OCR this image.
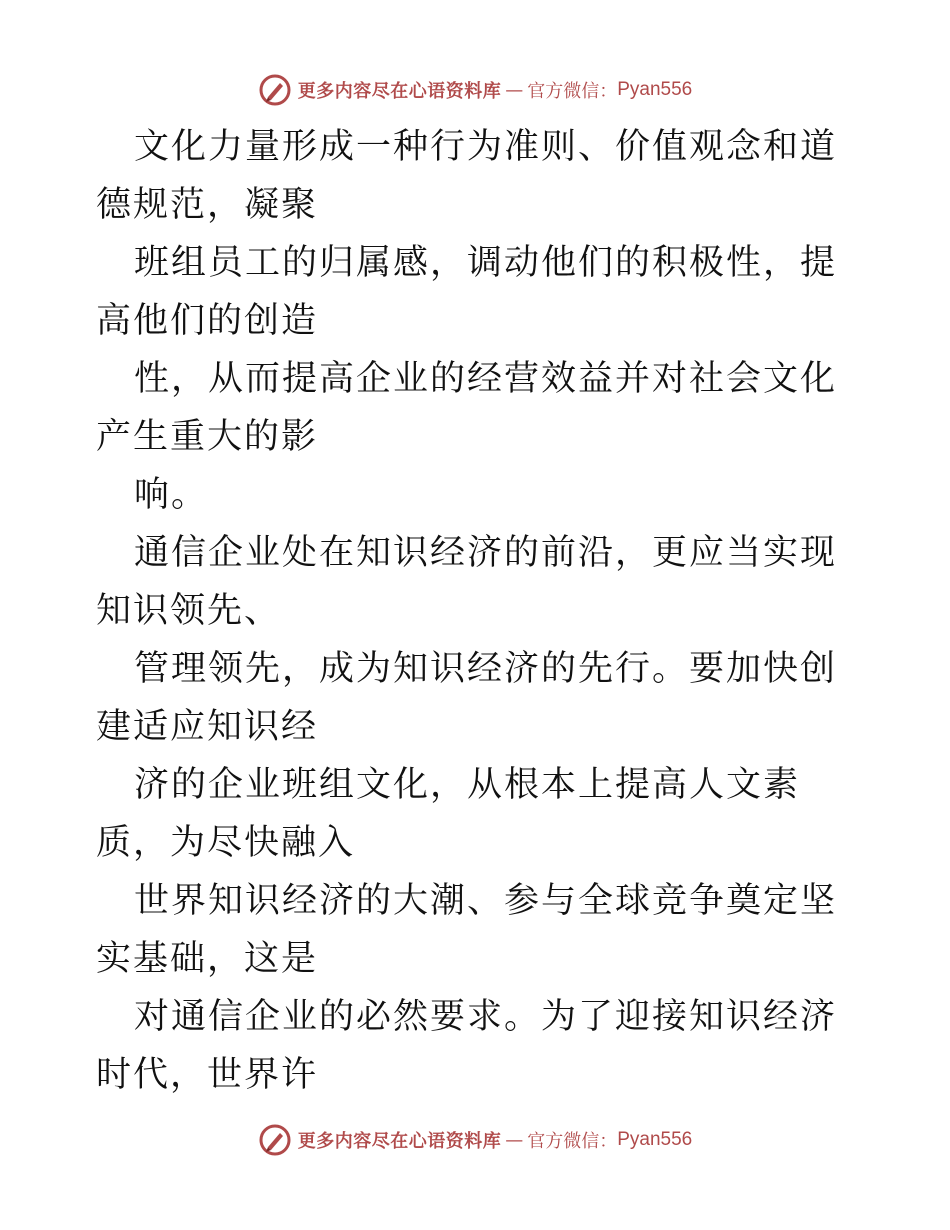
更多内容尽在心语资料库 — 官方微信： Pyan556

文化力量形成一种行为准则、价值观念和道德规范，凝聚

班组员工的归属感，调动他们的积极性，提高他们的创造

性，从而提高企业的经营效益并对社会文化产生重大的影

响。

通信企业处在知识经济的前沿，更应当实现知识领先、

管理领先，成为知识经济的先行。要加快创建适应知识经

济的企业班组文化，从根本上提高人文素质，为尽快融入

世界知识经济的大潮、参与全球竞争奠定坚实基础，这是

对通信企业的必然要求。为了迎接知识经济时代，世界许

更多内容尽在心语资料库 — 官方微信： Pyan556
